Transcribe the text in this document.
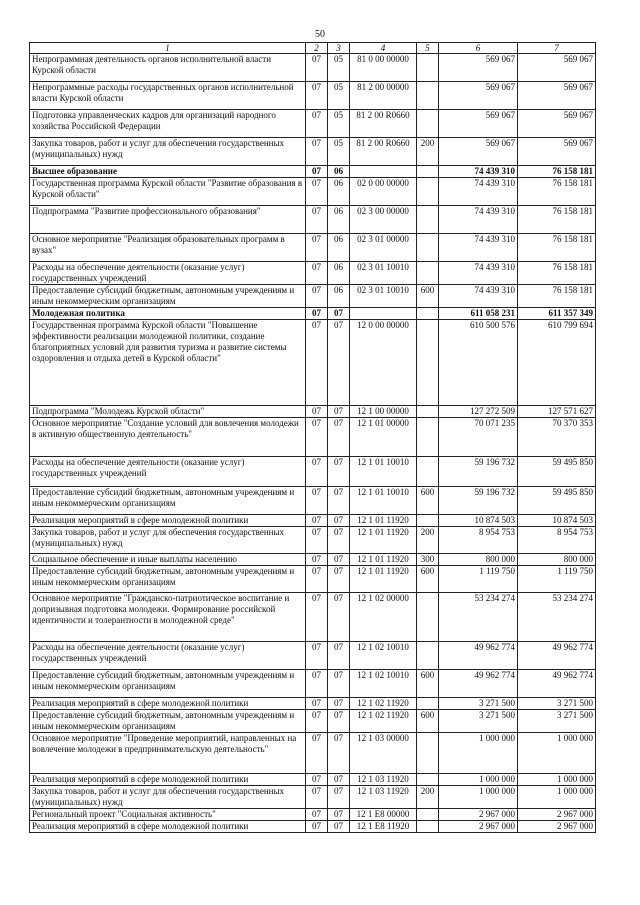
50
1	2	3	4	5	6	7
Непрограммная деятельность органов исполнительной власти Курской области	07	05	81 0 00 00000		569 067	569 067
Непрограммные расходы государственных органов исполнительной власти Курской области	07	05	81 2 00 00000		569 067	569 067
Подготовка управленческих кадров для организаций народного хозяйства Российской Федерации	07	05	81 2 00 R0660		569 067	569 067
Закупка товаров, работ и услуг для обеспечения государственных (муниципальных) нужд	07	05	81 2 00 R0660	200	569 067	569 067
Высшее образование	07	06			74 439 310	76 158 181
Государственная программа Курской области "Развитие образования в Курской области"	07	06	02 0 00 00000		74 439 310	76 158 181
Подпрограмма "Развитие профессионального образования"	07	06	02 3 00 00000		74 439 310	76 158 181
Основное мероприятие "Реализация образовательных программ в вузах"	07	06	02 3 01 00000		74 439 310	76 158 181
Расходы на обеспечение деятельности (оказание услуг) государственных учреждений	07	06	02 3 01 10010		74 439 310	76 158 181
Предоставление субсидий бюджетным, автономным учреждениям и иным некоммерческим организациям	07	06	02 3 01 10010	600	74 439 310	76 158 181
Молодежная политика	07	07			611 058 231	611 357 349
Государственная программа Курской области "Повышение эффективности реализации молодежной политики, создание благоприятных условий для развития туризма и развитие системы оздоровления и отдыха детей в Курской области"	07	07	12 0 00 00000		610 500 576	610 799 694
Подпрограмма "Молодежь Курской области"	07	07	12 1 00 00000		127 272 509	127 571 627
Основное мероприятие "Создание условий для вовлечения молодежи в активную общественную деятельность"	07	07	12 1 01 00000		70 071 235	70 370 353
Расходы на обеспечение деятельности (оказание услуг) государственных учреждений	07	07	12 1 01 10010		59 196 732	59 495 850
Предоставление субсидий бюджетным, автономным учреждениям и иным некоммерческим организациям	07	07	12 1 01 10010	600	59 196 732	59 495 850
Реализация мероприятий в сфере молодежной политики	07	07	12 1 01 11920		10 874 503	10 874 503
Закупка товаров, работ и услуг для обеспечения государственных (муниципальных) нужд	07	07	12 1 01 11920	200	8 954 753	8 954 753
Социальное обеспечение и иные выплаты населению	07	07	12 1 01 11920	300	800 000	800 000
Предоставление субсидий бюджетным, автономным учреждениям и иным некоммерческим организациям	07	07	12 1 01 11920	600	1 119 750	1 119 750
Основное мероприятие "Гражданско-патриотическое воспитание и допризывная подготовка молодежи. Формирование российской идентичности и толерантности в молодежной среде"	07	07	12 1 02 00000		53 234 274	53 234 274
Расходы на обеспечение деятельности (оказание услуг) государственных учреждений	07	07	12 1 02 10010		49 962 774	49 962 774
Предоставление субсидий бюджетным, автономным учреждениям и иным некоммерческим организациям	07	07	12 1 02 10010	600	49 962 774	49 962 774
Реализация мероприятий в сфере молодежной политики	07	07	12 1 02 11920		3 271 500	3 271 500
Предоставление субсидий бюджетным, автономным учреждениям и иным некоммерческим организациям	07	07	12 1 02 11920	600	3 271 500	3 271 500
Основное мероприятие "Проведение мероприятий, направленных на вовлечение молодежи в предпринимательскую деятельность"	07	07	12 1 03 00000		1 000 000	1 000 000
Реализация мероприятий в сфере молодежной политики	07	07	12 1 03 11920		1 000 000	1 000 000
Закупка товаров, работ и услуг для обеспечения государственных (муниципальных) нужд	07	07	12 1 03 11920	200	1 000 000	1 000 000
Региональный проект "Социальная активность"	07	07	12 1 E8 00000		2 967 000	2 967 000
Реализация мероприятий в сфере молодежной политики	07	07	12 1 E8 11920		2 967 000	2 967 000
